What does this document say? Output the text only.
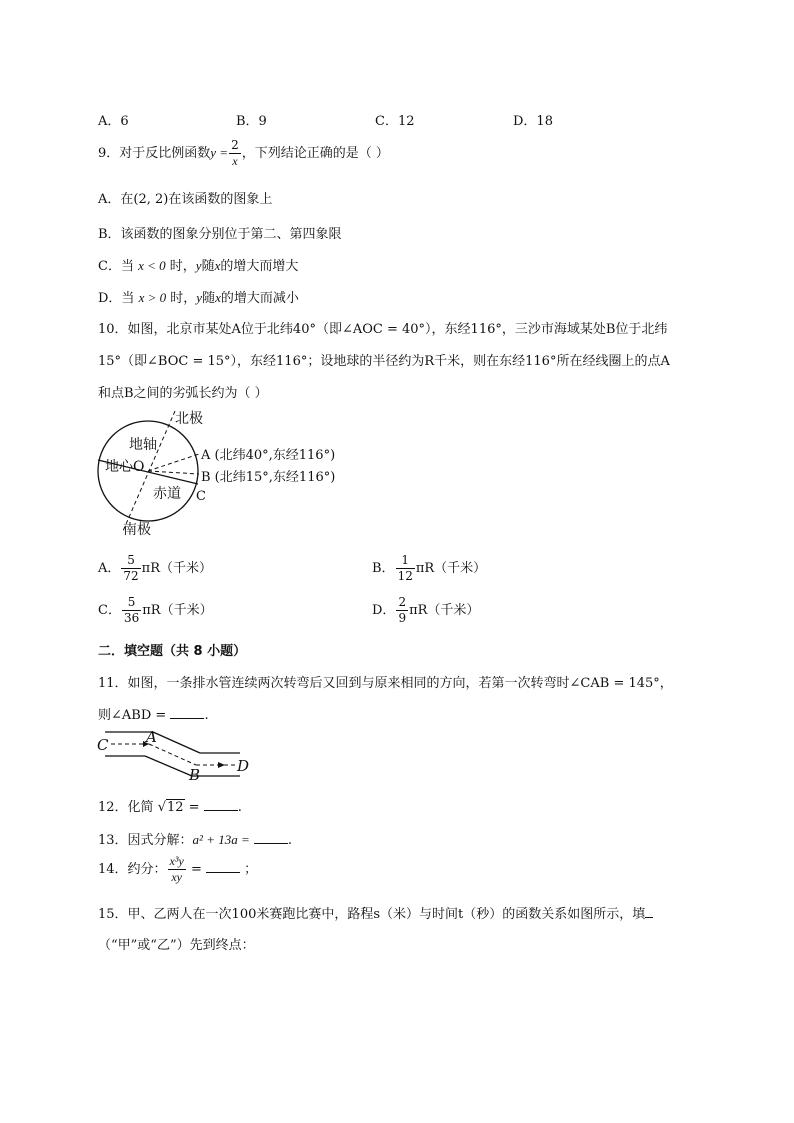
A．6	B．9	C．12	D．18
9．对于反比例函数$y = \frac{2}{x}$ ，下列结论正确的是（ ）
A．在(2, 2)在该函数的图象上
B．该函数的图象分别位于第二、第四象限
C．当 x < 0 时，y随x的增大而增大
D．当 x > 0 时，y随x的增大而减小
10．如图，北京市某处A位于北纬40°（即∠AOC = 40°），东经116°，三沙市海域某处B位于北纬
15°（即∠BOC = 15°），东经116°；设地球的半径约为R千米，则在东经116°所在经线圈上的点A
和点B之间的劣弧长约为（ ）
北极
南极
地轴
地心O
赤道
A (北纬40°,东经116°)
B (北纬15°,东经116°)
C
A． $\frac{5}{72} \pi R$（千米）	B． $\frac{1}{12} \pi R$（千米）
C． $\frac{5}{36} \pi R$（千米）	D． $\frac{2}{9} \pi R$（千米）
二．填空题（共 8 小题）
11．如图，一条排水管连续两次转弯后又回到与原来相同的方向，若第一次转弯时∠CAB = 145°，
则∠ABD =	.
C	A
B D
12．化简 √12 =	.
13．因式分解：a² + 13a =	.
14．约分： $\frac{\text{x³y}}{xy}$ =	；
15．甲、乙两人在一次100米赛跑比赛中，路程s（米）与时间t（秒）的函数关系如图所示，填
（“甲”或“乙”）先到终点：
